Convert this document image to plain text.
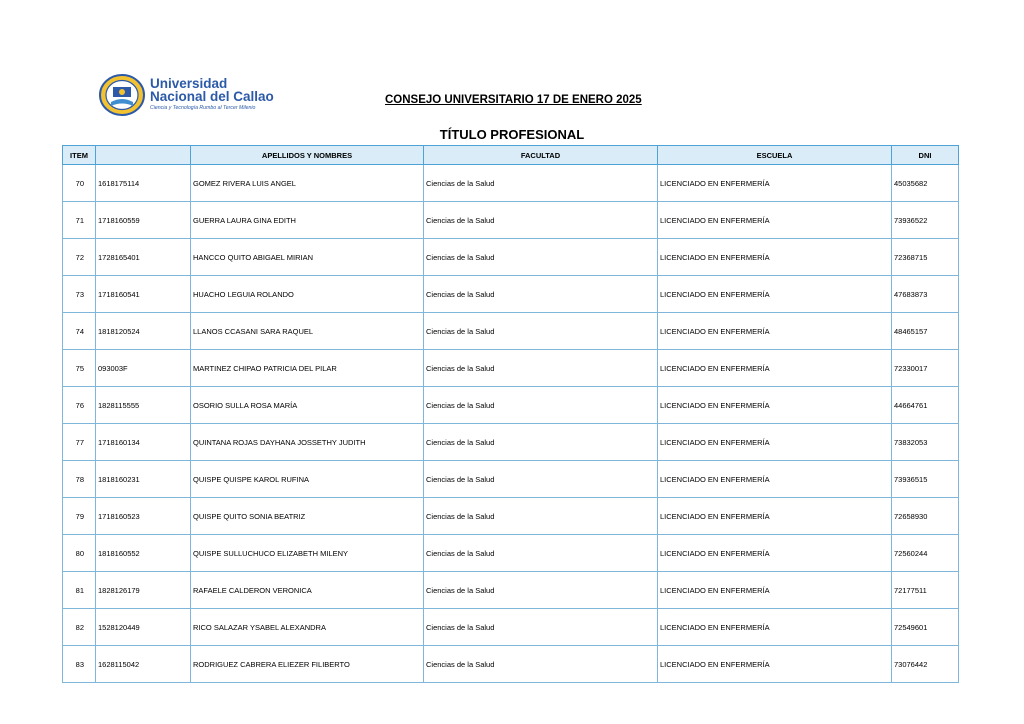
Universidad
Nacional del Callao
Ciencia y Tecnología Rumbo al Tercer Milenio
CONSEJO UNIVERSITARIO 17 DE ENERO 2025
TÍTULO PROFESIONAL
ITEM		APELLIDOS Y NOMBRES	FACULTAD	ESCUELA	DNI
70	1618175114	GOMEZ RIVERA LUIS ANGEL	Ciencias de la Salud	LICENCIADO EN ENFERMERÍA	45035682
71	1718160559	GUERRA LAURA GINA EDITH	Ciencias de la Salud	LICENCIADO EN ENFERMERÍA	73936522
72	1728165401	HANCCO QUITO ABIGAEL MIRIAN	Ciencias de la Salud	LICENCIADO EN ENFERMERÍA	72368715
73	1718160541	HUACHO LEGUIA ROLANDO	Ciencias de la Salud	LICENCIADO EN ENFERMERÍA	47683873
74	1818120524	LLANOS CCASANI SARA RAQUEL	Ciencias de la Salud	LICENCIADO EN ENFERMERÍA	48465157
75	093003F	MARTINEZ CHIPAO PATRICIA DEL PILAR	Ciencias de la Salud	LICENCIADO EN ENFERMERÍA	72330017
76	1828115555	OSORIO SULLA ROSA MARÍA	Ciencias de la Salud	LICENCIADO EN ENFERMERÍA	44664761
77	1718160134	QUINTANA ROJAS DAYHANA JOSSETHY JUDITH	Ciencias de la Salud	LICENCIADO EN ENFERMERÍA	73832053
78	1818160231	QUISPE QUISPE KAROL RUFINA	Ciencias de la Salud	LICENCIADO EN ENFERMERÍA	73936515
79	1718160523	QUISPE QUITO SONIA BEATRIZ	Ciencias de la Salud	LICENCIADO EN ENFERMERÍA	72658930
80	1818160552	QUISPE SULLUCHUCO ELIZABETH MILENY	Ciencias de la Salud	LICENCIADO EN ENFERMERÍA	72560244
81	1828126179	RAFAELE CALDERON VERONICA	Ciencias de la Salud	LICENCIADO EN ENFERMERÍA	72177511
82	1528120449	RICO SALAZAR YSABEL ALEXANDRA	Ciencias de la Salud	LICENCIADO EN ENFERMERÍA	72549601
83	1628115042	RODRIGUEZ CABRERA ELIEZER FILIBERTO	Ciencias de la Salud	LICENCIADO EN ENFERMERÍA	73076442
